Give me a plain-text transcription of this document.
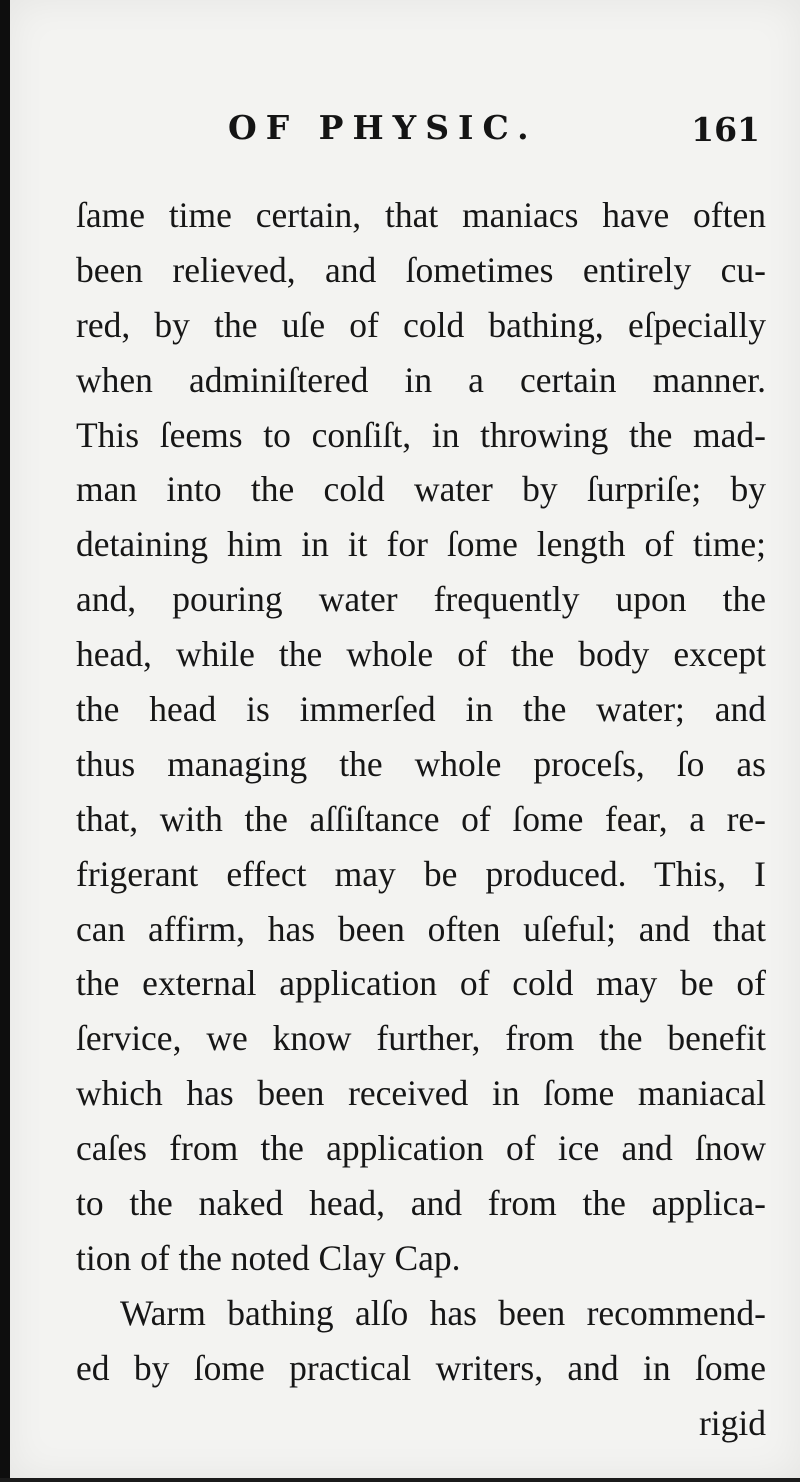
OF PHYSIC.	161
ſame time certain, that maniacs have often
been relieved, and ſometimes entirely cu-
red, by the uſe of cold bathing, eſpecially
when adminiſtered in a certain manner.
This ſeems to conſiſt, in throwing the mad-
man into the cold water by ſurpriſe; by
detaining him in it for ſome length of time;
and, pouring water frequently upon the
head, while the whole of the body except
the head is immerſed in the water; and
thus managing the whole proceſs, ſo as
that, with the aſſiſtance of ſome fear, a re-
frigerant effect may be produced. This, I
can affirm, has been often uſeful; and that
the external application of cold may be of
ſervice, we know further, from the benefit
which has been received in ſome maniacal
caſes from the application of ice and ſnow
to the naked head, and from the applica-
tion of the noted Clay Cap.
Warm bathing alſo has been recommend-
ed by ſome practical writers, and in ſome
rigid
